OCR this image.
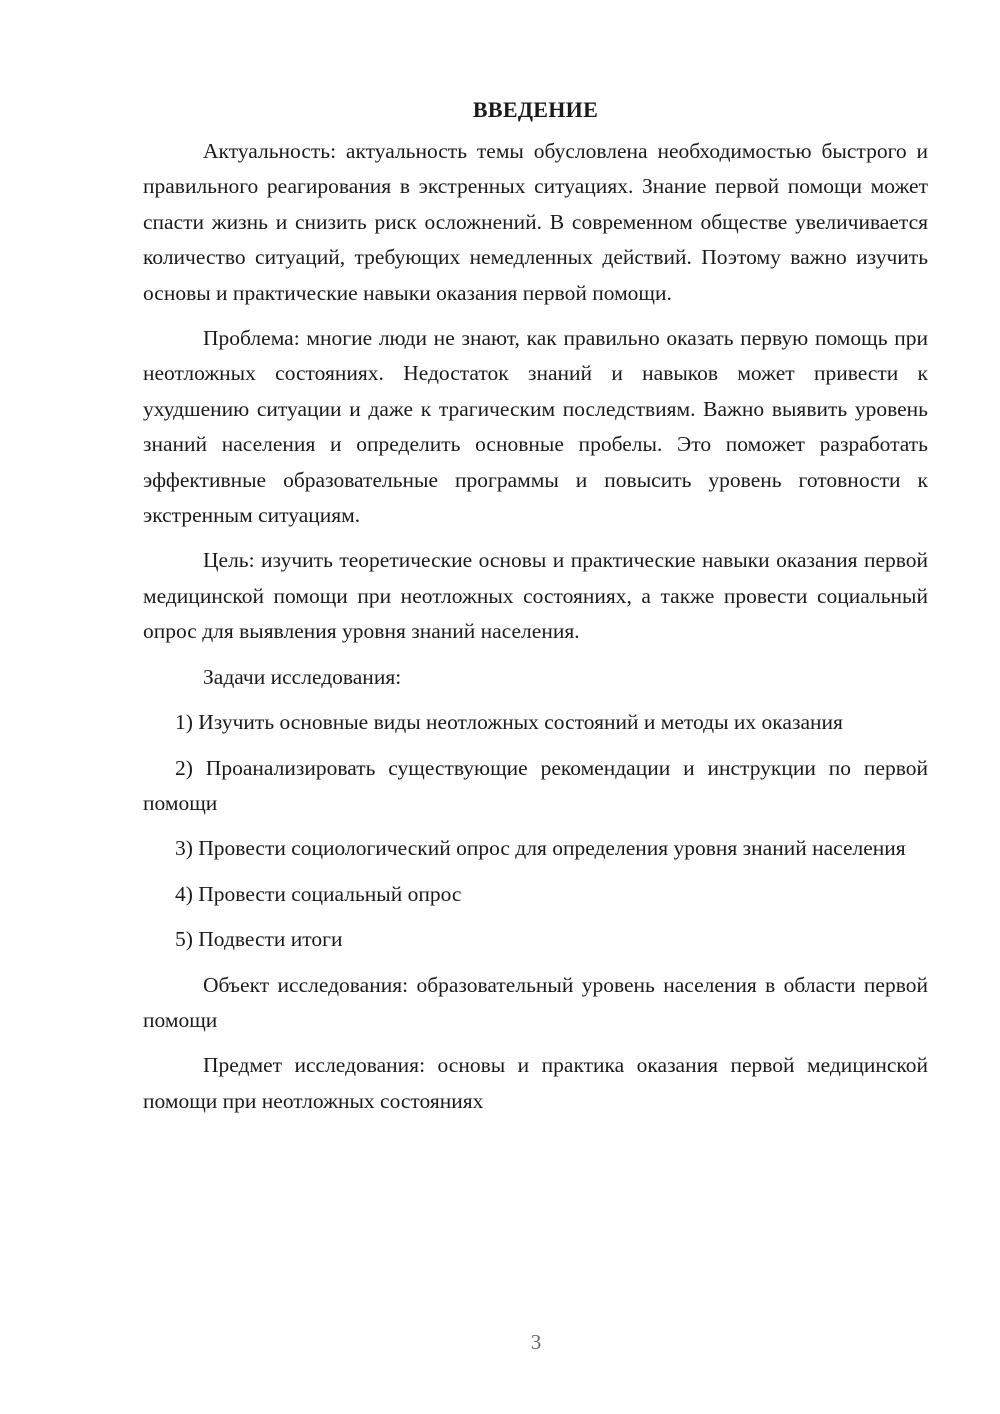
ВВЕДЕНИЕ

Актуальность: актуальность темы обусловлена необходимостью быстрого и правильного реагирования в экстренных ситуациях. Знание первой помощи может спасти жизнь и снизить риск осложнений. В современном обществе увеличивается количество ситуаций, требующих немедленных действий. Поэтому важно изучить основы и практические навыки оказания первой помощи.

Проблема: многие люди не знают, как правильно оказать первую помощь при неотложных состояниях. Недостаток знаний и навыков может привести к ухудшению ситуации и даже к трагическим последствиям. Важно выявить уровень знаний населения и определить основные пробелы. Это поможет разработать эффективные образовательные программы и повысить уровень готовности к экстренным ситуациям.

Цель: изучить теоретические основы и практические навыки оказания первой медицинской помощи при неотложных состояниях, а также провести социальный опрос для выявления уровня знаний населения.

Задачи исследования:

1) Изучить основные виды неотложных состояний и методы их оказания

2) Проанализировать существующие рекомендации и инструкции по первой помощи

3) Провести социологический опрос для определения уровня знаний населения

4) Провести социальный опрос

5) Подвести итоги

Объект исследования: образовательный уровень населения в области первой помощи

Предмет исследования: основы и практика оказания первой медицинской помощи при неотложных состояниях

3
